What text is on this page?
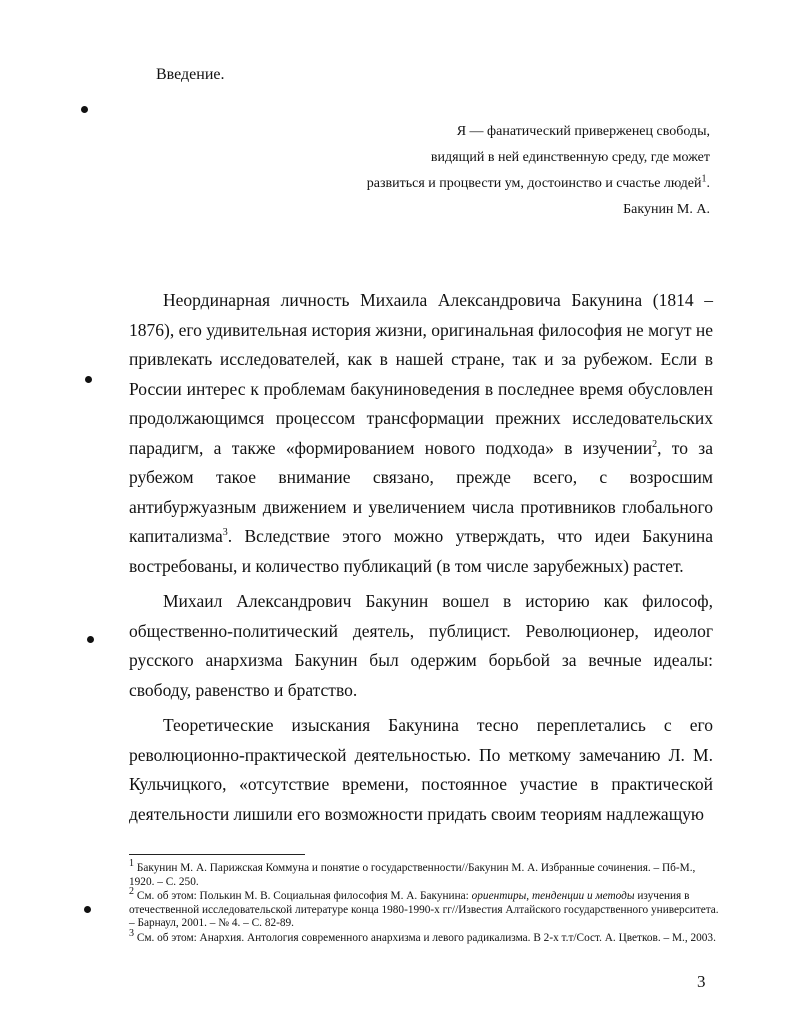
Введение.
Я — фанатический приверженец свободы,
видящий в ней единственную среду, где может
развиться и процвести ум, достоинство и счастье людей$^1$.
Бакунин М. А.

Неординарная личность Михаила Александровича Бакунина (1814 – 1876), его удивительная история жизни, оригинальная философия не могут не привлекать исследователей, как в нашей стране, так и за рубежом. Если в России интерес к проблемам бакуниноведения в последнее время обусловлен продолжающимся процессом трансформации прежних исследовательских парадигм, а также «формированием нового подхода» в изучении$^2$, то за рубежом такое внимание связано, прежде всего, с возросшим антибуржуазным движением и увеличением числа противников глобального капитализма$^3$. Вследствие этого можно утверждать, что идеи Бакунина востребованы, и количество публикаций (в том числе зарубежных) растет.

Михаил Александрович Бакунин вошел в историю как философ, общественно-политический деятель, публицист. Революционер, идеолог русского анархизма Бакунин был одержим борьбой за вечные идеалы: свободу, равенство и братство.

Теоретические изыскания Бакунина тесно переплетались с его революционно-практической деятельностью. По меткому замечанию Л. М. Кульчицкого, «отсутствие времени, постоянное участие в практической деятельности лишили его возможности придать своим теориям надлежащую

$^1$ Бакунин М. А. Парижская Коммуна и понятие о государственности//Бакунин М. А. Избранные сочинения. – Пб-М., 1920. – С. 250.

$^2$ См. об этом: Полькин М. В. Социальная философия М. А. Бакунина: ориентиры, тенденции и методы изучения в отечественной исследовательской литературе конца 1980-1990-х гг//Известия Алтайского государственного университета. – Барнаул, 2001. – № 4. – С. 82-89.

$^3$ См. об этом: Анархия. Антология современного анархизма и левого радикализма. В 2-х т.т/Сост. А. Цветков. – М., 2003.

3
